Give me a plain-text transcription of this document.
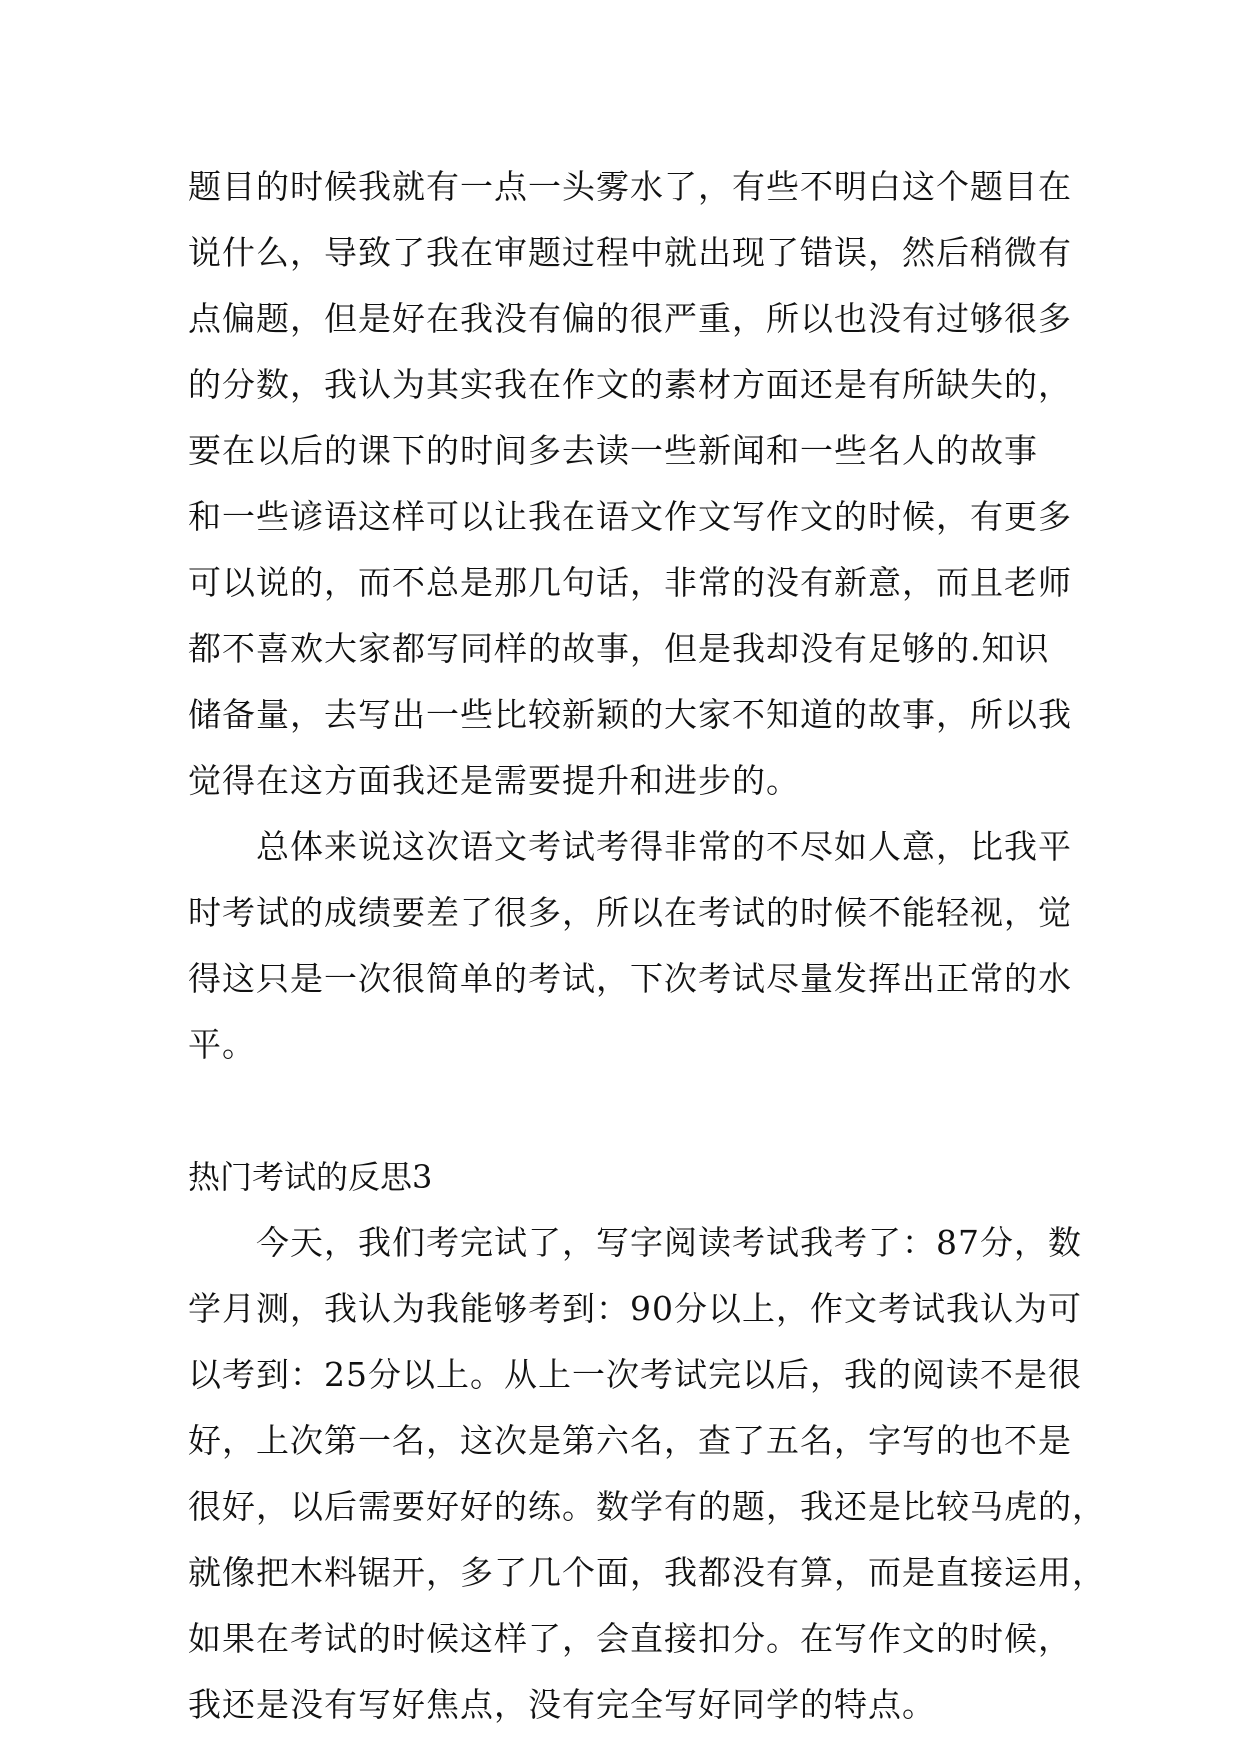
题目的时候我就有一点一头雾水了，有些不明白这个题目在
说什么，导致了我在审题过程中就出现了错误，然后稍微有
点偏题，但是好在我没有偏的很严重，所以也没有过够很多
的分数，我认为其实我在作文的素材方面还是有所缺失的，
要在以后的课下的时间多去读一些新闻和一些名人的故事
和一些谚语这样可以让我在语文作文写作文的时候，有更多
可以说的，而不总是那几句话，非常的没有新意，而且老师
都不喜欢大家都写同样的故事，但是我却没有足够的.知识
储备量，去写出一些比较新颖的大家不知道的故事，所以我
觉得在这方面我还是需要提升和进步的。
总体来说这次语文考试考得非常的不尽如人意，比我平
时考试的成绩要差了很多，所以在考试的时候不能轻视，觉
得这只是一次很简单的考试，下次考试尽量发挥出正常的水
平。
热门考试的反思3
今天，我们考完试了，写字阅读考试我考了：87分，数
学月测，我认为我能够考到：90分以上，作文考试我认为可
以考到：25分以上。从上一次考试完以后，我的阅读不是很
好，上次第一名，这次是第六名，查了五名，字写的也不是
很好，以后需要好好的练。数学有的题，我还是比较马虎的，
就像把木料锯开，多了几个面，我都没有算，而是直接运用，
如果在考试的时候这样了，会直接扣分。在写作文的时候，
我还是没有写好焦点，没有完全写好同学的特点。
